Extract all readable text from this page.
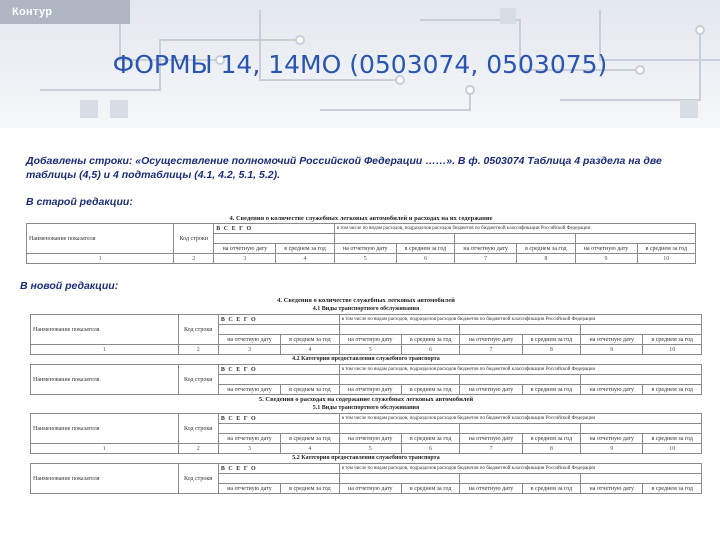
Контур
ФОРМЫ 14, 14МО (0503074, 0503075)
Добавлены строки: «Осуществление полномочий Российской Федерации ……». В ф. 0503074 Таблица 4 раздела на две таблицы (4,5) и 4 подтаблицы (4.1, 4.2, 5.1, 5.2).
В старой редакции:
4. Сведения о количестве служебных легковых автомобилей и расходах на их содержание
Наименование показателя	Код строки	В С Е Г О		в том числе по видам расходов, подразделов расходов бюджетов по бюджетной классификации Российской Федерации					

		на отчетную дату	в среднем за год	на отчетную дату	в среднем за год	на отчетную дату	в среднем за год	на отчетную дату	в среднем за год
1	2	3	4	5	6	7	8	9	10
В новой редакции:
4. Сведения о количестве служебных легковых автомобилей
4.1 Виды транспортного обслуживания
Наименование показателя	Код строки	В С Е Г О		в том числе по видам расходов, подразделов расходов бюджетов по бюджетной классификации Российской Федерации					

		на отчетную дату	в среднем за год	на отчетную дату	в среднем за год	на отчетную дату	в среднем за год	на отчетную дату	в среднем за год
1	2	3	4	5	6	7	8	9	10
4.2 Категории предоставления служебного транспорта
Наименование показателя	Код строки	В С Е Г О		в том числе по видам расходов, подразделов расходов бюджетов по бюджетной классификации Российской Федерации					

		на отчетную дату	в среднем за год	на отчетную дату	в среднем за год	на отчетную дату	в среднем за год	на отчетную дату	в среднем за год
5. Сведения о расходах на содержание служебных легковых автомобилей
5.1 Виды транспортного обслуживания
Наименование показателя	Код строки	В С Е Г О		в том числе по видам расходов, подразделов расходов бюджетов по бюджетной классификации Российской Федерации					

		на отчетную дату	в среднем за год	на отчетную дату	в среднем за год	на отчетную дату	в среднем за год	на отчетную дату	в среднем за год
1	2	3	4	5	6	7	8	9	10
5.2 Категория предоставления служебного транспорта
Наименование показателя	Код строки	В С Е Г О		в том числе по видам расходов, подразделов расходов бюджетов по бюджетной классификации Российской Федерации					

		на отчетную дату	в среднем за год	на отчетную дату	в среднем за год	на отчетную дату	в среднем за год	на отчетную дату	в среднем за год
